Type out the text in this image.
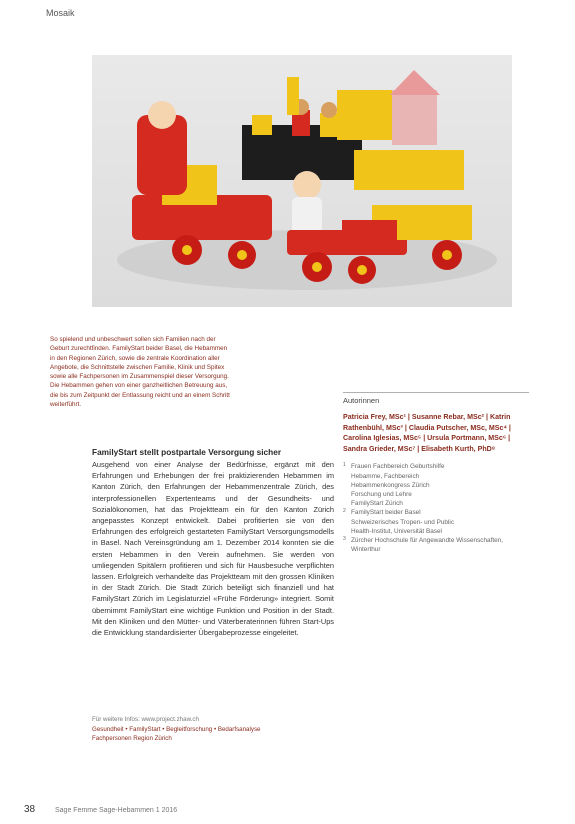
Mosaik
So spielend und unbeschwert sollen sich Familien nach der Geburt zurechtfinden. FamilyStart beider Basel, die Hebammen in den Regionen Zürich, sowie die zentrale Koordination aller Angebote, die Schnittstelle zwischen Familie, Klinik und Spitex sowie alle Fachpersonen im Zusammenspiel dieser Versorgung. Die Hebammen gehen von einer ganzheitlichen Betreuung aus, die bis zum Zeitpunkt der Entlassung reicht und an einem Schritt weiterführt.	Autorinnen
Patricia Frey, MSc¹ | Susanne Rebar, MSc² | Katrin Rathenbühl, MSc³ | Claudia Putscher, MSc, MSc⁴ | Carolina Iglesias, MSc⁵ | Ursula Portmann, MSc⁶ | Sandra Grieder, MSc⁷ | Elisabeth Kurth, PhD⁸
1 Frauen Fachbereich Geburtshilfe
Hebamme, Fachbereich
Hebammenkongress Zürich
Forschung und Lehre
FamilyStart Zürich
2 FamilyStart beider Basel
Schweizerisches Tropen- und Public
Health-Institut, Universität Basel
3 Zürcher Hochschule für Angewandte Wissenschaften, Winterthur
FamilyStart stellt postpartale Versorgung sicher

Ausgehend von einer Analyse der Bedürfnisse, ergänzt mit den Erfahrungen und Erhebungen der frei praktizierenden Hebammen im Kanton Zürich, den Erfahrungen der Hebammenzentrale Zürich, des interprofessionellen Expertenteams und der Gesundheits- und Sozialökonomen, hat das Projektteam ein für den Kanton Zürich angepasstes Konzept entwickelt. Dabei profitierten sie von den Erfahrungen des erfolgreich gestarteten FamilyStart Versorgungsmodells in Basel. Nach Vereinsgründung am 1. Dezember 2014 konnten sie die ersten Hebammen in den Verein aufnehmen. Sie werden von umliegenden Spitälern profitieren und sich für Hausbesuche verpflichten lassen. Erfolgreich verhandelte das Projektteam mit den grossen Kliniken in der Stadt Zürich. Die Stadt Zürich beteiligt sich finanziell und hat FamilyStart Zürich im Legislaturziel «Frühe Förderung» integriert. Somit übernimmt FamilyStart eine wichtige Funktion und Position in der Stadt. Mit den Kliniken und den Mütter- und Väterberaterinnen führen Start-Ups die Entwicklung standardisierter Übergabeprozesse eingeleitet.

Für weitere Infos: www.project.zhaw.ch
Gesundheit • FamilyStart • Begleitforschung • Bedarfsanalyse
Fachpersonen Region Zürich
38	Sage Femme Sage-Hebammen 1 2016
